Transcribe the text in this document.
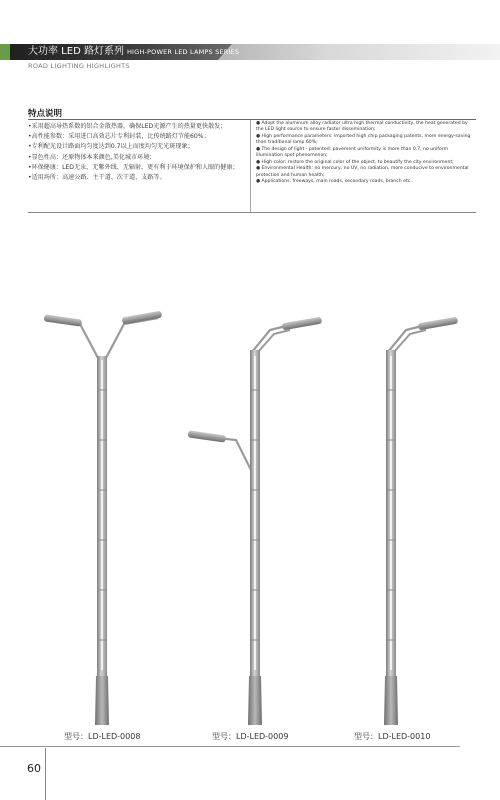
大功率 LED 路灯系列 HIGH-POWER LED LAMPS SERIES
ROAD LIGHTING HIGHLIGHTS
特点说明
•采用超高导热系数的铝合金散热器，确保LED光源产生的热量更快散发；
•高性能参数：采用进口高效芯片专利封装，比传统路灯节能60%；
•专利配光设计路面均匀度达到0.7以上而度均匀无光斑现象；
•显色性高：还原物体本来颜色,美化城市环境；
•环保健康：LED无汞、无紫外线、无辐射、更有利于环境保护和人眼的健康；
•适用场所：高速公路、主干道、次干道、支路等。
● Adopt the aluminum alloy radiator ultra high thermal conductivity, the heat generated by the LED light source to ensure faster dissemination;
● High performance parameters: imported high chip packaging patents, more energy-saving than traditional lamp 60%;
● The design of light - patented: pavement uniformity is more than 0.7, no uniform illumination spot phenomenon;
● High color: restore the original color of the object, to beautify the city environment;
● Environmental Health: no mercury, no UV, no radiation, more conducive to environmental protection and human health;
● Applications: freeways, main roads, secondary roads, branch etc..
型号：LD-LED-0008	型号：LD-LED-0009	型号：LD-LED-0010
60
